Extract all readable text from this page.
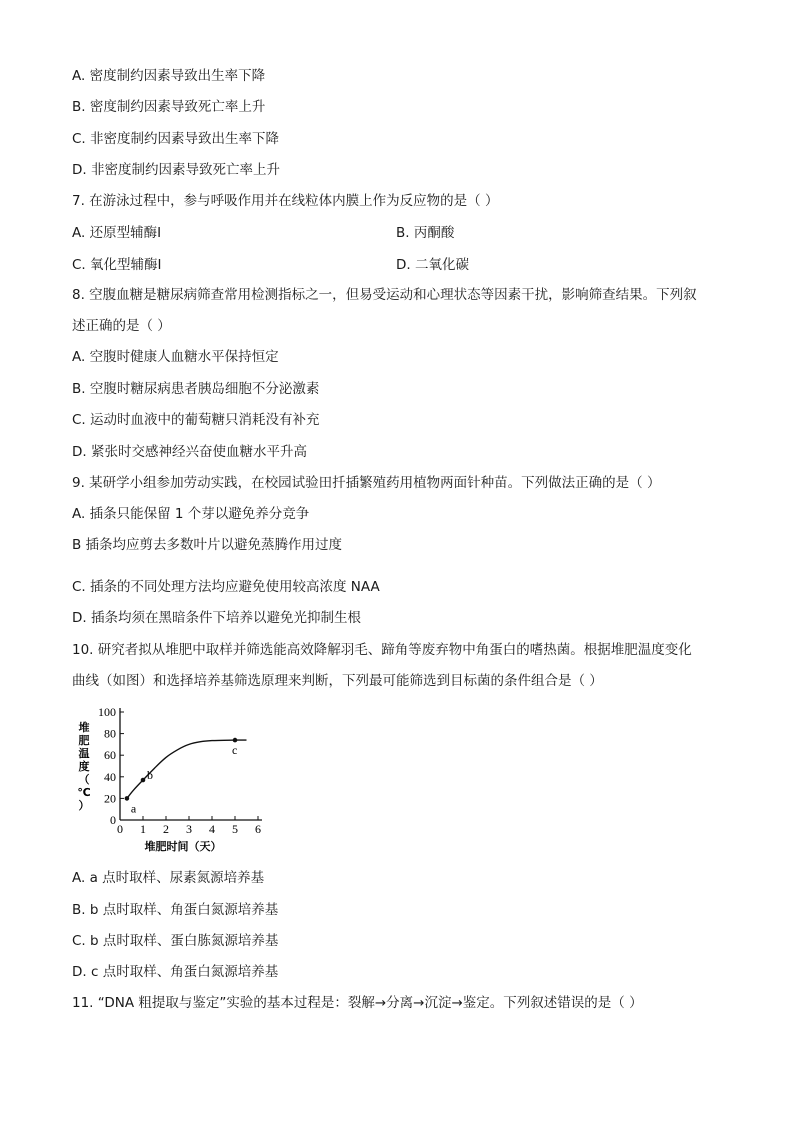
A. 密度制约因素导致出生率下降
B. 密度制约因素导致死亡率上升
C. 非密度制约因素导致出生率下降
D. 非密度制约因素导致死亡率上升
7. 在游泳过程中，参与呼吸作用并在线粒体内膜上作为反应物的是（ ）
A. 还原型辅酶Ⅰ	B. 丙酮酸
C. 氧化型辅酶Ⅰ	D. 二氧化碳
8. 空腹血糖是糖尿病筛查常用检测指标之一，但易受运动和心理状态等因素干扰，影响筛查结果。下列叙
述正确的是（ ）
A. 空腹时健康人血糖水平保持恒定
B. 空腹时糖尿病患者胰岛细胞不分泌激素
C. 运动时血液中的葡萄糖只消耗没有补充
D. 紧张时交感神经兴奋使血糖水平升高
9. 某研学小组参加劳动实践，在校园试验田扦插繁殖药用植物两面针种苗。下列做法正确的是（ ）
A. 插条只能保留 1 个芽以避免养分竞争
B 插条均应剪去多数叶片以避免蒸腾作用过度
C. 插条的不同处理方法均应避免使用较高浓度 NAA
D. 插条均须在黑暗条件下培养以避免光抑制生根
10. 研究者拟从堆肥中取样并筛选能高效降解羽毛、蹄角等废弃物中角蛋白的嗜热菌。根据堆肥温度变化
曲线（如图）和选择培养基筛选原理来判断，下列最可能筛选到目标菌的条件组合是（ ）
堆
肥
温
度
（
℃
）
0
20
40
60
80
100
0 1 2 3 4 5 6
a
b
c
堆肥时间（天）
A. a 点时取样、尿素氮源培养基
B. b 点时取样、角蛋白氮源培养基
C. b 点时取样、蛋白胨氮源培养基
D. c 点时取样、角蛋白氮源培养基
11. “DNA 粗提取与鉴定”实验的基本过程是：裂解→分离→沉淀→鉴定。下列叙述错误的是（ ）
